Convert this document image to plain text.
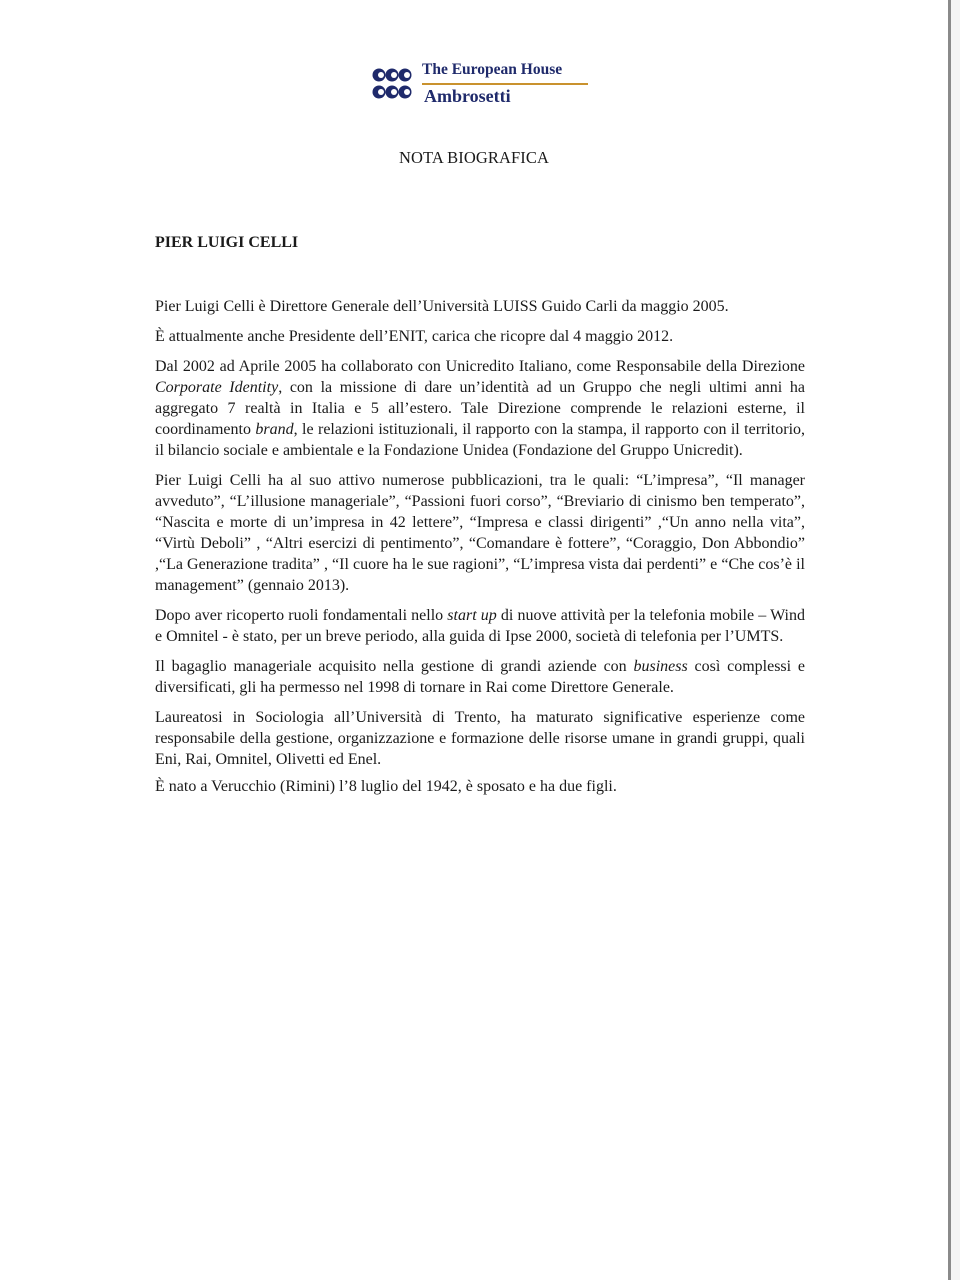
The European House
Ambrosetti
NOTA BIOGRAFICA
PIER LUIGI CELLI

Pier Luigi Celli è Direttore Generale dell’Università LUISS Guido Carli da maggio 2005.

È attualmente anche Presidente dell’ENIT, carica che ricopre dal 4 maggio 2012.

Dal 2002 ad Aprile 2005 ha collaborato con Unicredito Italiano, come Responsabile della Direzione Corporate Identity, con la missione di dare un’identità ad un Gruppo che negli ultimi anni ha aggregato 7 realtà in Italia e 5 all’estero. Tale Direzione comprende le relazioni esterne, il coordinamento brand, le relazioni istituzionali, il rapporto con la stampa, il rapporto con il territorio, il bilancio sociale e ambientale e la Fondazione Unidea (Fondazione del Gruppo Unicredit).

Pier Luigi Celli ha al suo attivo numerose pubblicazioni, tra le quali: “L’impresa”, “Il manager avveduto”, “L’illusione manageriale”, “Passioni fuori corso”, “Breviario di cinismo ben temperato”, “Nascita e morte di un’impresa in 42 lettere”, “Impresa e classi dirigenti” ,“Un anno nella vita”, “Virtù Deboli” , “Altri esercizi di pentimento”, “Comandare è fottere”, “Coraggio, Don Abbondio” ,“La Generazione tradita” , “Il cuore ha le sue ragioni”, “L’impresa vista dai perdenti” e “Che cos’è il management” (gennaio 2013).

Dopo aver ricoperto ruoli fondamentali nello start up di nuove attività per la telefonia mobile – Wind e Omnitel - è stato, per un breve periodo, alla guida di Ipse 2000, società di telefonia per l’UMTS.

Il bagaglio manageriale acquisito nella gestione di grandi aziende con business così complessi e diversificati, gli ha permesso nel 1998 di tornare in Rai come Direttore Generale.

Laureatosi in Sociologia all’Università di Trento, ha maturato significative esperienze come responsabile della gestione, organizzazione e formazione delle risorse umane in grandi gruppi, quali Eni, Rai, Omnitel, Olivetti ed Enel.

È nato a Verucchio (Rimini) l’8 luglio del 1942, è sposato e ha due figli.
